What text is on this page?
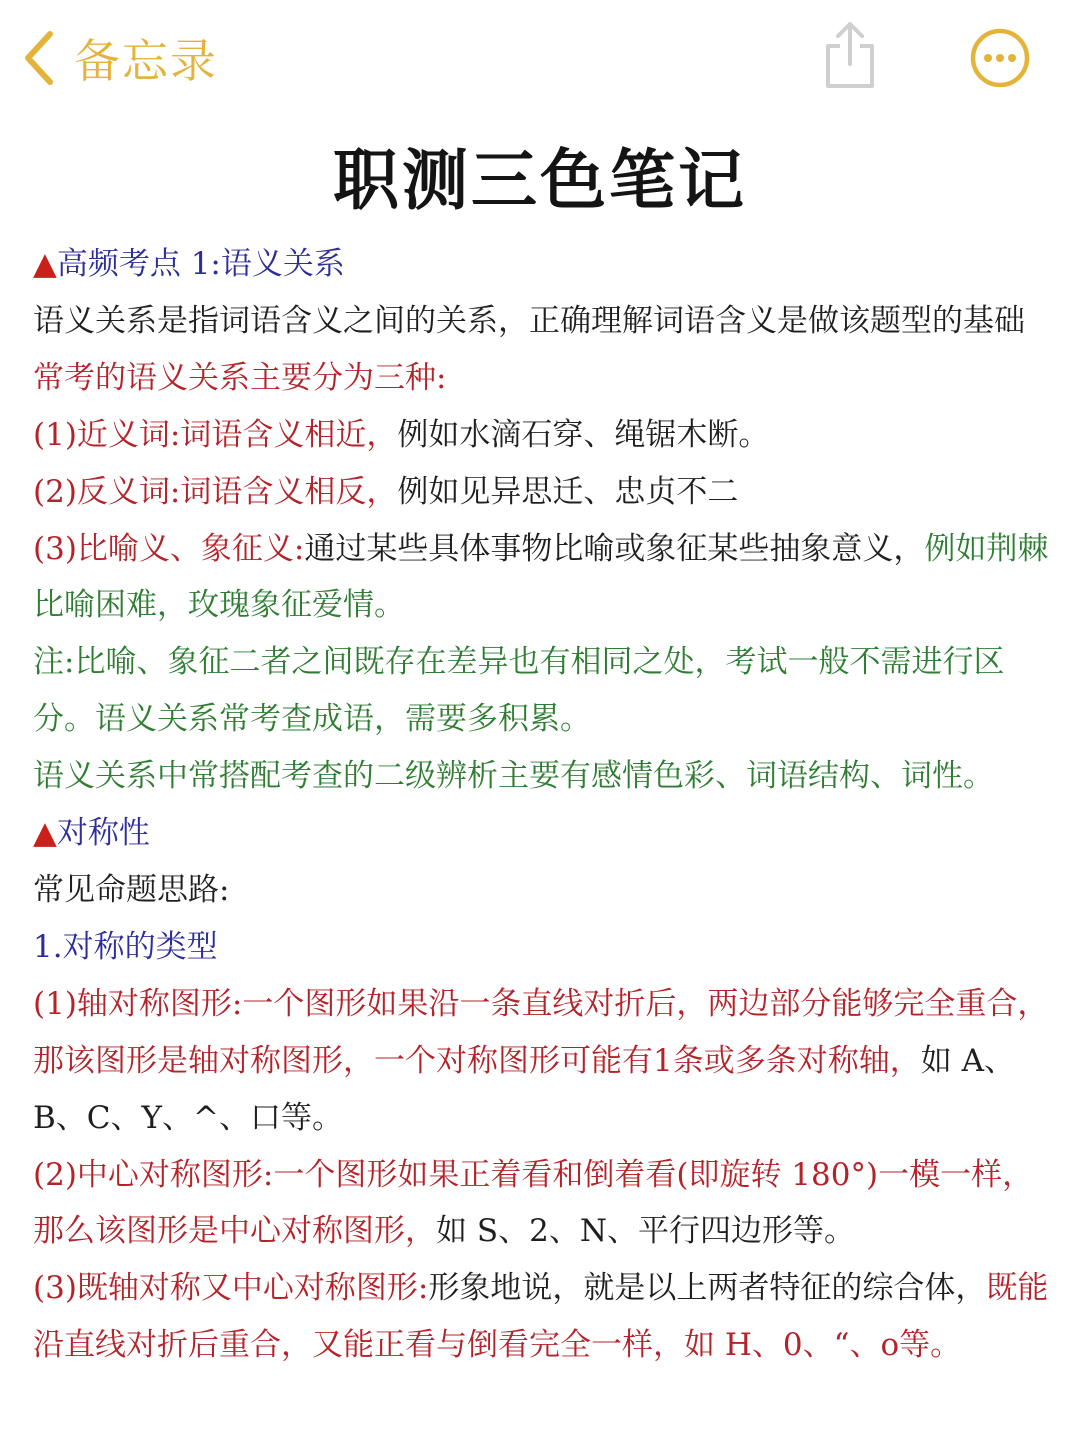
备忘录
职测三色笔记

▲高频考点 1:语义关系

语义关系是指词语含义之间的关系，正确理解词语含义是做该题型的基础

常考的语义关系主要分为三种:

(1)近义词:词语含义相近，例如水滴石穿、绳锯木断。

(2)反义词:词语含义相反，例如见异思迁、忠贞不二

(3)比喻义、象征义:通过某些具体事物比喻或象征某些抽象意义，例如荆棘比喻困难，玫瑰象征爱情。

注:比喻、象征二者之间既存在差异也有相同之处，考试一般不需进行区分。语义关系常考查成语，需要多积累。

语义关系中常搭配考查的二级辨析主要有感情色彩、词语结构、词性。

▲对称性

常见命题思路:

1.对称的类型

(1)轴对称图形:一个图形如果沿一条直线对折后，两边部分能够完全重合，那该图形是轴对称图形，一个对称图形可能有1条或多条对称轴，如 A、B、C、Y、^、口等。

(2)中心对称图形:一个图形如果正着看和倒着看(即旋转 180°)一模一样，那么该图形是中心对称图形，如 S、2、N、平行四边形等。

(3)既轴对称又中心对称图形:形象地说，就是以上两者特征的综合体，既能沿直线对折后重合，又能正看与倒看完全一样，如 H、0、“、o等。
